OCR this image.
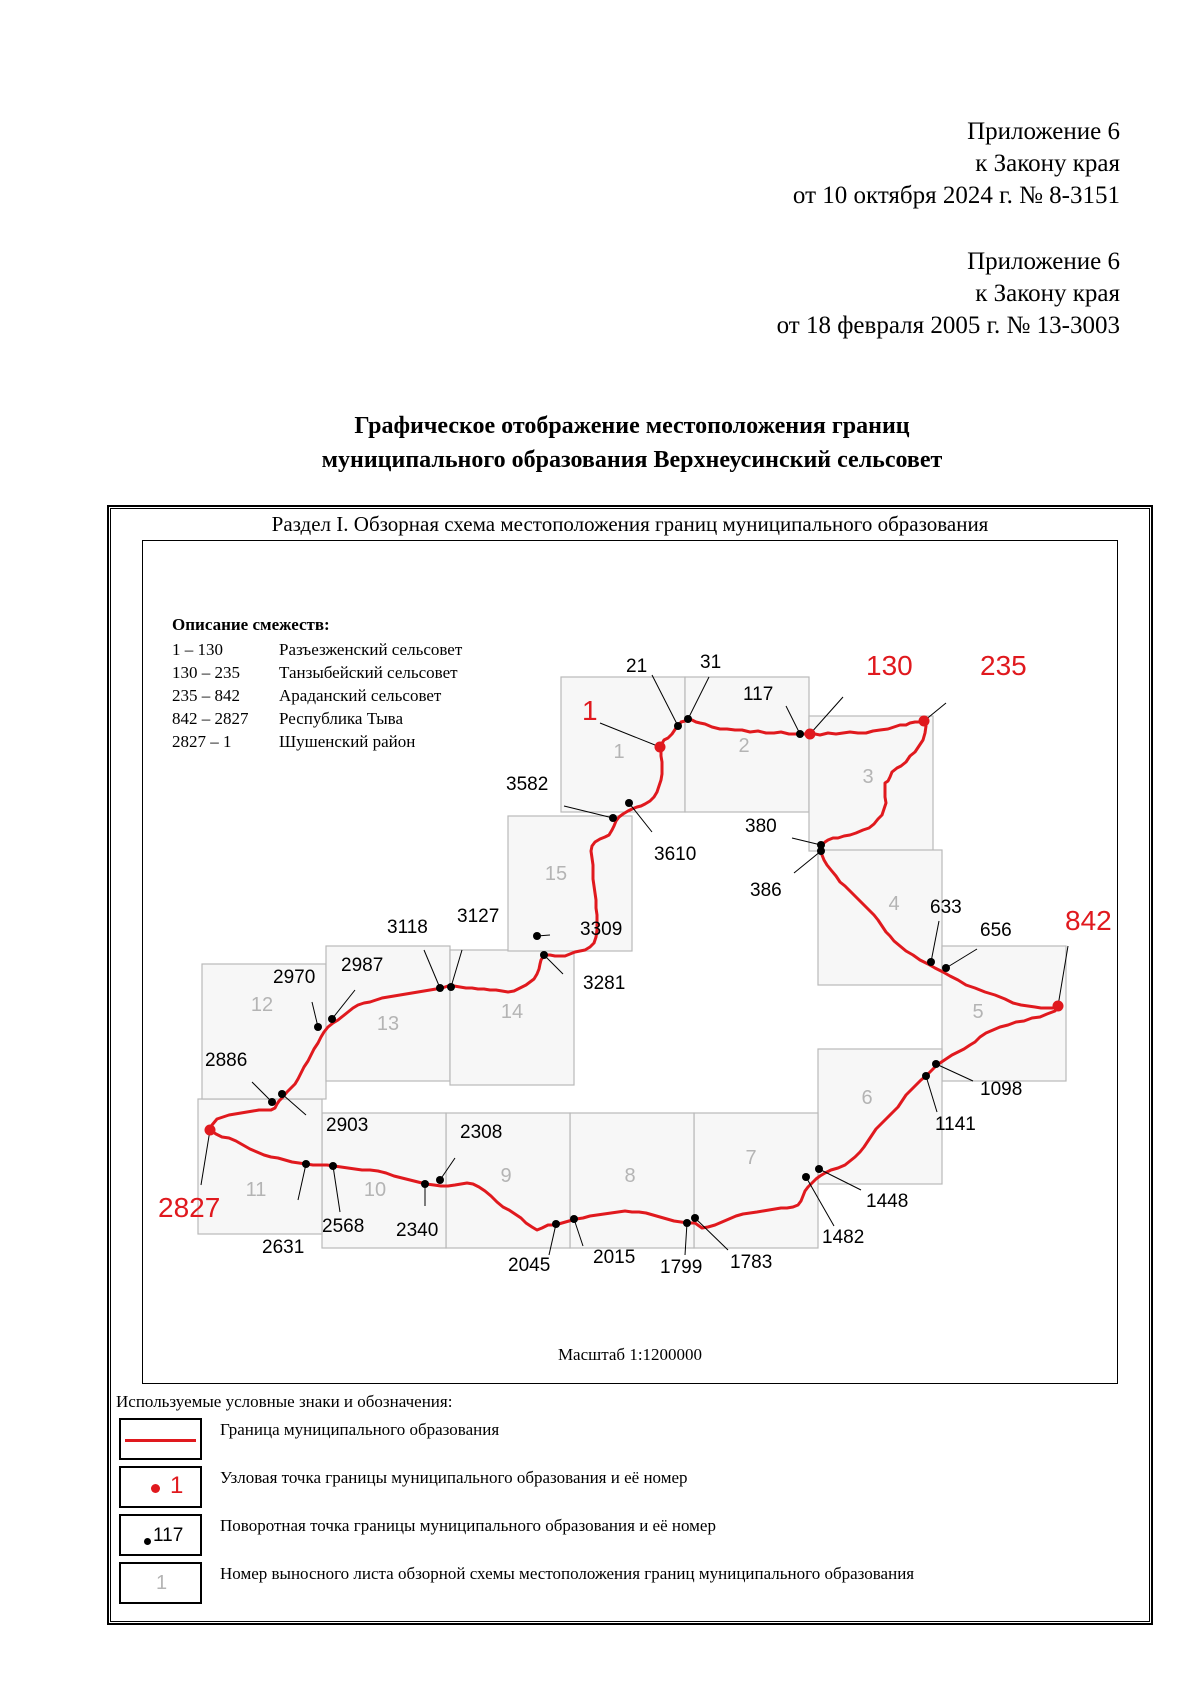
Приложение 6
к Закону края
от 10 октября 2024 г. № 8-3151
Приложение 6
к Закону края
от 18 февраля 2005 г. № 13-3003
Графическое отображение местоположения границ
муниципального образования Верхнеусинский сельсовет
Раздел I. Обзорная схема местоположения границ муниципального образования
1	2
3
4
5
6
7
8
9
10
11
12
13
14
15
1
130 235
842
2827
21	31
117
380
386
633
656
1098
1141
1448
1482
1783
1799
2015
2045
2340
2308
2568
2631
2903
2886
2970
2987
3118
3127
3281
3309
3610
3582
Описание смежеств:
1 – 130	Разъезженский сельсовет
130 – 235 Танзыбейский сельсовет
235 – 842 Араданский сельсовет
842 – 2827 Республика Тыва
2827 – 1	Шушенский район
Масштаб 1:1200000
Используемые условные знаки и обозначения:
Граница муниципального образования
1 Узловая точка границы муниципального образования и её номер
117 Поворотная точка границы муниципального образования и её номер
1	Номер выносного листа обзорной схемы местоположения границ муниципального образования
